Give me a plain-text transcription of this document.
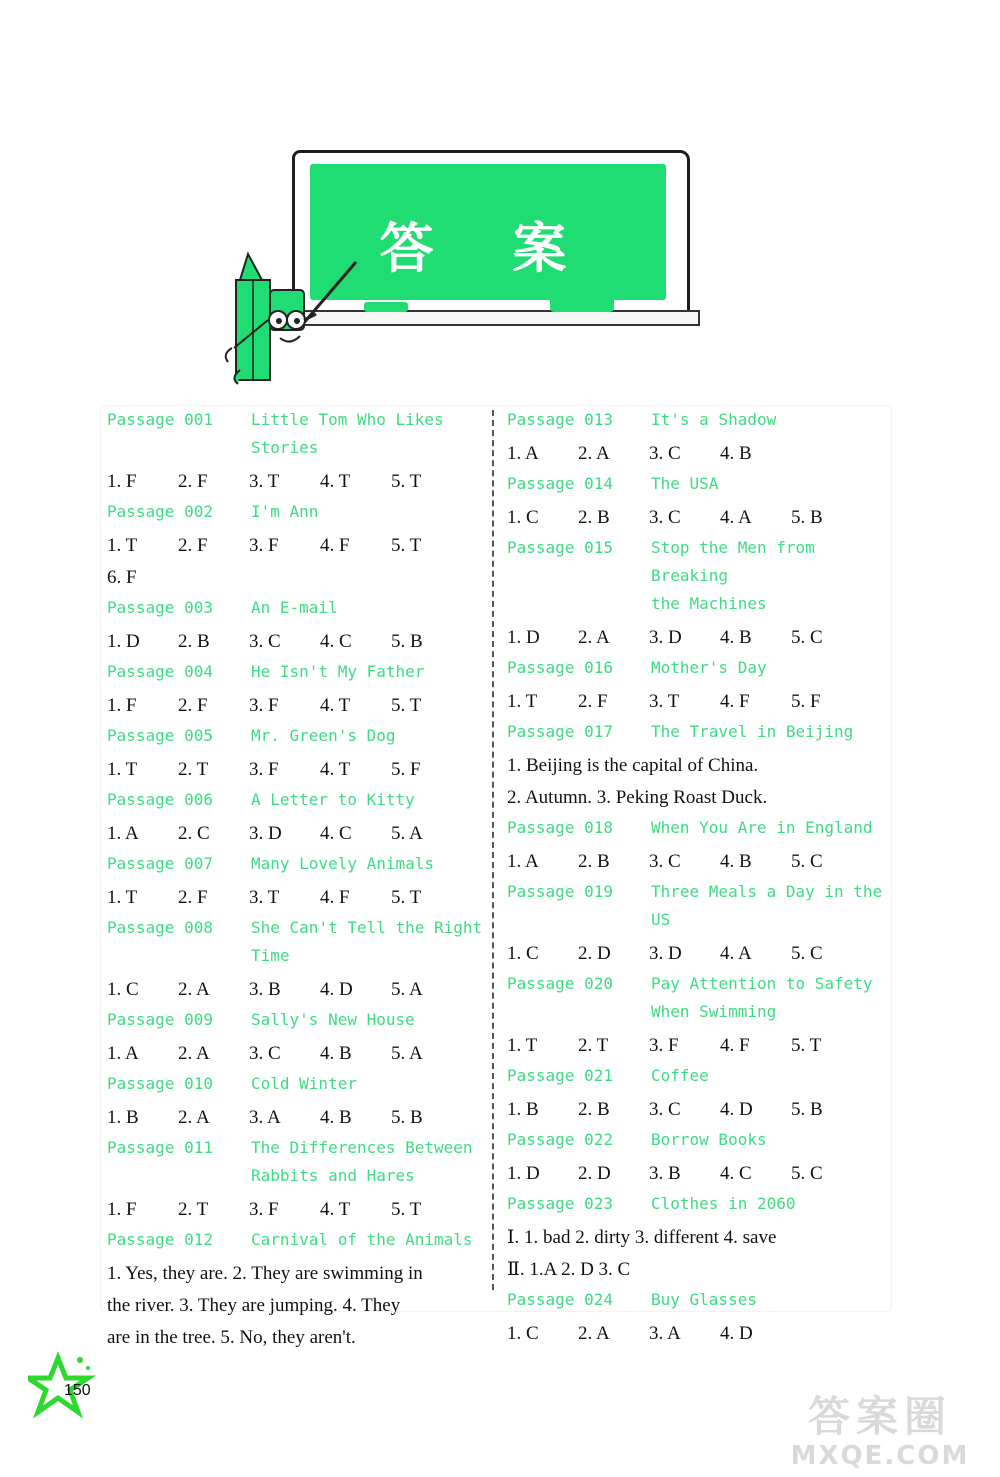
答 案
Passage 001	Little Tom Who Likes Stories
1. F 2. F 3. T 4. T 5. T
Passage 002	I'm Ann
1. T 2. F 3. F 4. F 5. T
6. F
Passage 003	An E-mail
1. D 2. B 3. C 4. C 5. B
Passage 004	He Isn't My Father
1. F 2. F 3. F 4. T 5. T
Passage 005	Mr. Green's Dog
1. T 2. T 3. F 4. T 5. F
Passage 006	A Letter to Kitty
1. A 2. C 3. D 4. C 5. A
Passage 007	Many Lovely Animals
1. T 2. F 3. T 4. F 5. T
Passage 008	She Can't Tell the Right
Time
1. C 2. A 3. B 4. D 5. A
Passage 009	Sally's New House
1. A 2. A 3. C 4. B 5. A
Passage 010	Cold Winter
1. B 2. A 3. A 4. B 5. B
Passage 011	The Differences Between
Rabbits and Hares
1. F 2. T 3. F 4. T 5. T
Passage 012	Carnival of the Animals
1. Yes, they are. 2. They are swimming in
the river. 3. They are jumping. 4. They
are in the tree. 5. No, they aren't.
Passage 013	It's a Shadow
1. A 2. A 3. C 4. B
Passage 014	The USA
1. C 2. B 3. C 4. A 5. B
Passage 015	Stop the Men from Breaking
the Machines
1. D 2. A 3. D 4. B 5. C
Passage 016	Mother's Day
1. T 2. F 3. T 4. F 5. F
Passage 017	The Travel in Beijing
1. Beijing is the capital of China.
2. Autumn. 3. Peking Roast Duck.
Passage 018	When You Are in England
1. A 2. B 3. C 4. B 5. C
Passage 019	Three Meals a Day in the
US
1. C 2. D 3. D 4. A 5. C
Passage 020	Pay Attention to Safety
When Swimming
1. T 2. T 3. F 4. F 5. T
Passage 021	Coffee
1. B 2. B 3. C 4. D 5. B
Passage 022	Borrow Books
1. D 2. D 3. B 4. C 5. C
Passage 023	Clothes in 2060
Ⅰ. 1. bad 2. dirty 3. different 4. save
Ⅱ. 1.A 2. D 3. C
Passage 024	Buy Glasses
1. C 2. A 3. A 4. D
150
答案圈
MXQE.COM
